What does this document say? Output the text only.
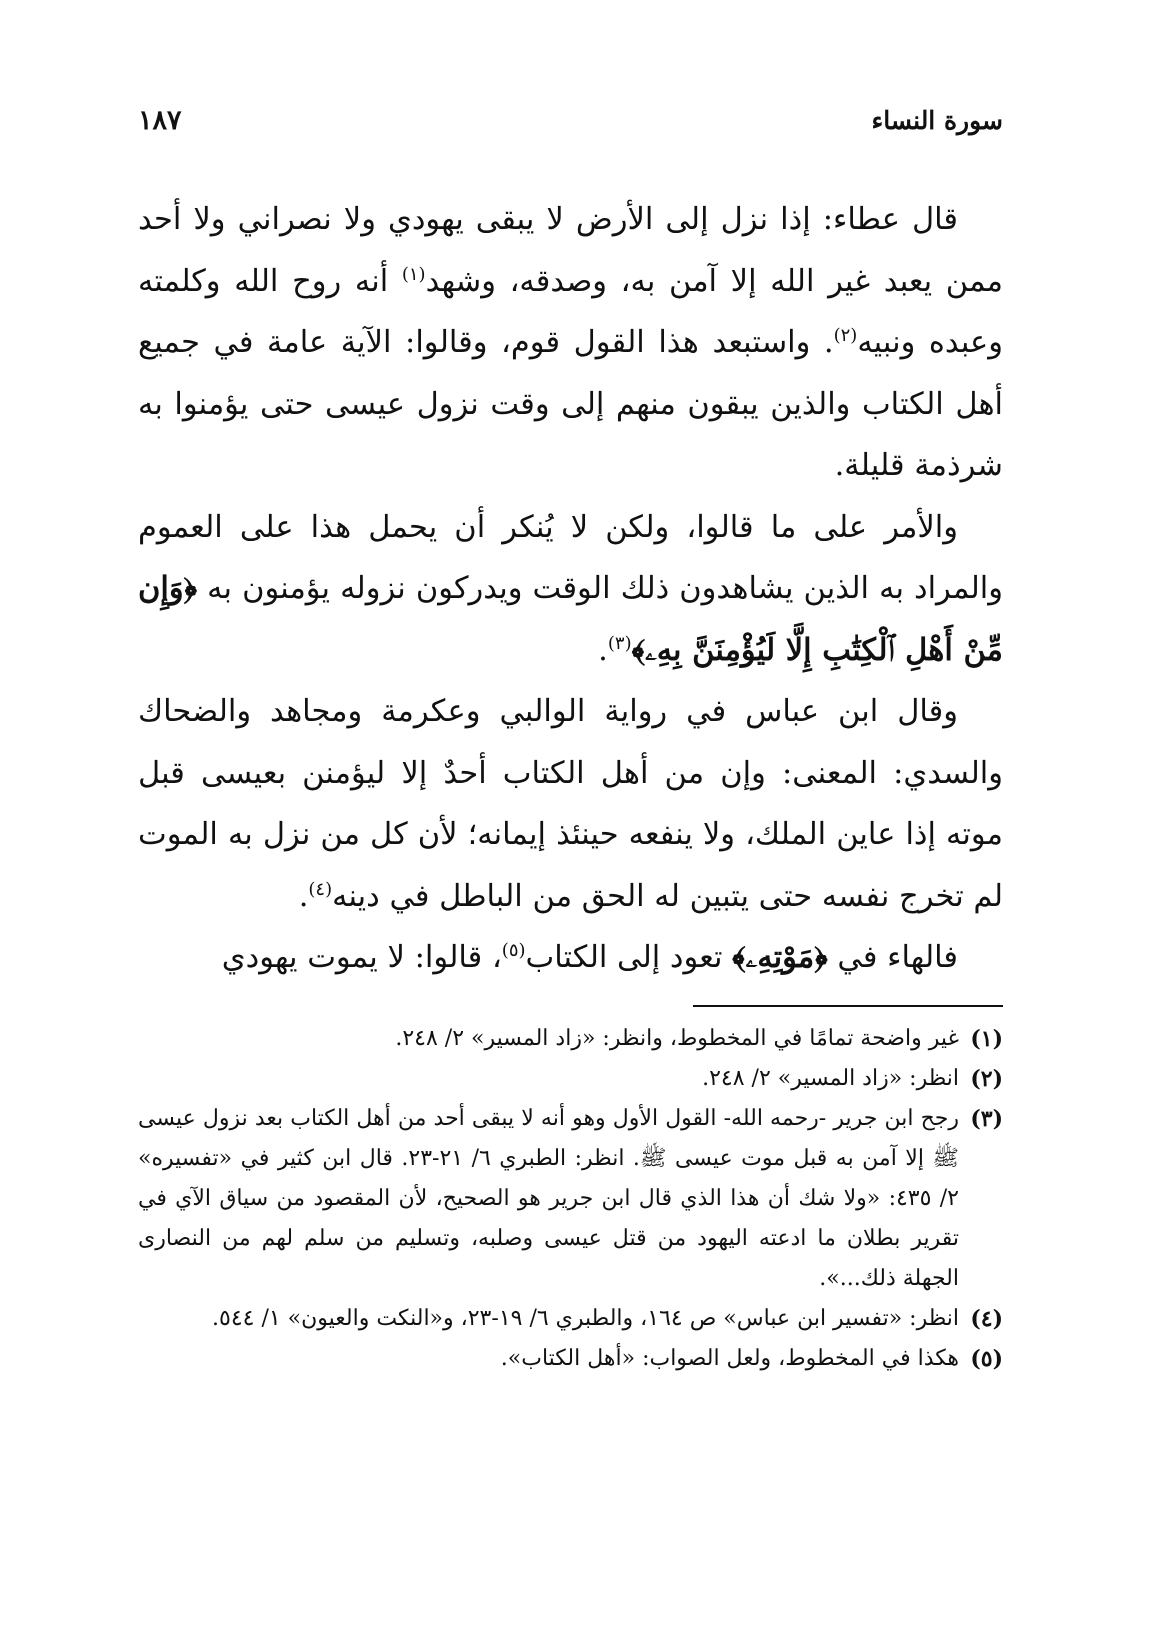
سورة النساء
١٨٧

قال عطاء: إذا نزل إلى الأرض لا يبقى يهودي ولا نصراني ولا أحد ممن يعبد غير الله إلا آمن به، وصدقه، وشهد$^{(١)}$ أنه روح الله وكلمته وعبده ونبيه$^{(٢)}$. واستبعد هذا القول قوم، وقالوا: الآية عامة في جميع أهل الكتاب والذين يبقون منهم إلى وقت نزول عيسى حتى يؤمنوا به شرذمة قليلة.

والأمر على ما قالوا، ولكن لا يُنكر أن يحمل هذا على العموم والمراد به الذين يشاهدون ذلك الوقت ويدركون نزوله يؤمنون به ﴿وَإِن مِّنْ أَهْلِ ٱلْكِتَٰبِ إِلَّا لَيُؤْمِنَنَّ بِهِۦ﴾$^{(٣)}$.

وقال ابن عباس في رواية الوالبي وعكرمة ومجاهد والضحاك والسدي: المعنى: وإن من أهل الكتاب أحدٌ إلا ليؤمنن بعيسى قبل موته إذا عاين الملك، ولا ينفعه حينئذ إيمانه؛ لأن كل من نزل به الموت لم تخرج نفسه حتى يتبين له الحق من الباطل في دينه$^{(٤)}$.

فالهاء في ﴿مَوْتِهِۦ﴾ تعود إلى الكتاب$^{(٥)}$، قالوا: لا يموت يهودي

(١)
غير واضحة تمامًا في المخطوط، وانظر: «زاد المسير» ٢/ ٢٤٨.
(٢)
انظر: «زاد المسير» ٢/ ٢٤٨.
(٣)
رجح ابن جرير -رحمه الله- القول الأول وهو أنه لا يبقى أحد من أهل الكتاب بعد نزول عيسى ﷺ إلا آمن به قبل موت عيسى ﷺ. انظر: الطبري ٦/ ٢١-٢٣. قال ابن كثير في «تفسيره» ٢/ ٤٣٥: «ولا شك أن هذا الذي قال ابن جرير هو الصحيح، لأن المقصود من سياق الآي في تقرير بطلان ما ادعته اليهود من قتل عيسى وصلبه، وتسليم من سلم لهم من النصارى الجهلة ذلك...».
(٤)
انظر: «تفسير ابن عباس» ص ١٦٤، والطبري ٦/ ١٩-٢٣، و«النكت والعيون» ١/ ٥٤٤.
(٥)
هكذا في المخطوط، ولعل الصواب: «أهل الكتاب».
